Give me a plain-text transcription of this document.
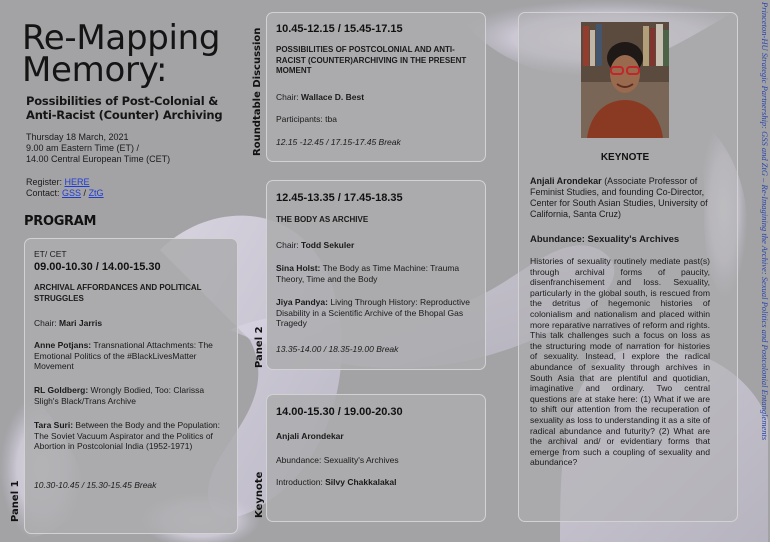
Re-Mapping
Memory:
Possibilities of Post-Colonial & Anti-Racist (Counter) Archiving
Thursday 18 March, 2021
9.00 am Eastern Time (ET) /
14.00 Central European Time (CET)
Register: HERE
Contact: GSS / ZtG
PROGRAM
ET/ CET
09.00-10.30 / 14.00-15.30
ARCHIVAL AFFORDANCES AND POLITICAL STRUGGLES
Chair: Mari Jarris
Anne Potjans: Transnational Attachments: The Emotional Politics of the #BlackLivesMatter Movement
RL Goldberg: Wrongly Bodied, Too: Clarissa Sligh's Black/Trans Archive
Tara Suri: Between the Body and the Population: The Soviet Vacuum Aspirator and the Politics of Abortion in Postcolonial India (1952-1971)
10.30-10.45 / 15.30-15.45 Break
Panel 1
10.45-12.15 / 15.45-17.15
POSSIBILITIES OF POSTCOLONIAL AND ANTI-RACIST (COUNTER)ARCHIVING IN THE PRESENT MOMENT
Chair: Wallace D. Best
Participants: tba
12.15 -12.45 / 17.15-17.45 Break
Roundtable Discussion
12.45-13.35 / 17.45-18.35
THE BODY AS ARCHIVE
Chair: Todd Sekuler
Sina Holst: The Body as Time Machine: Trauma Theory, Time and the Body
Jiya Pandya: Living Through History: Reproductive Disability in a Scientific Archive of the Bhopal Gas Tragedy
13.35-14.00 / 18.35-19.00 Break
Panel 2
14.00-15.30 / 19.00-20.30
Anjali Arondekar
Abundance: Sexuality's Archives
Introduction: Silvy Chakkalakal
Keynote
KEYNOTE
Anjali Arondekar (Associate Professor of Feminist Studies, and founding Co-Director, Center for South Asian Studies, University of California, Santa Cruz)
Abundance: Sexuality's Archives
Histories of sexuality routinely mediate past(s) through archival forms of paucity, disenfranchisement and loss. Sexuality, particularly in the global south, is rescued from the detritus of hegemonic histories of colonialism and nationalism and placed within more reparative narratives of reform and rights. This talk challenges such a focus on loss as the structuring mode of narration for histories of sexuality. Instead, I explore the radical abundance of sexuality through archives in South Asia that are plentiful and quotidian, imaginative and ordinary. Two central questions are at stake here: (1) What if we are to shift our attention from the recuperation of sexuality as loss to understanding it as a site of radical abundance and futurity? (2) What are the archival and/ or evidentiary forms that emerge from such a coupling of sexuality and abundance?
Princeton-HU Strategic Partnership: GSS and ZtG – Re-Imagining the Archive: Sexual Politics and Postcolonial Entanglements
